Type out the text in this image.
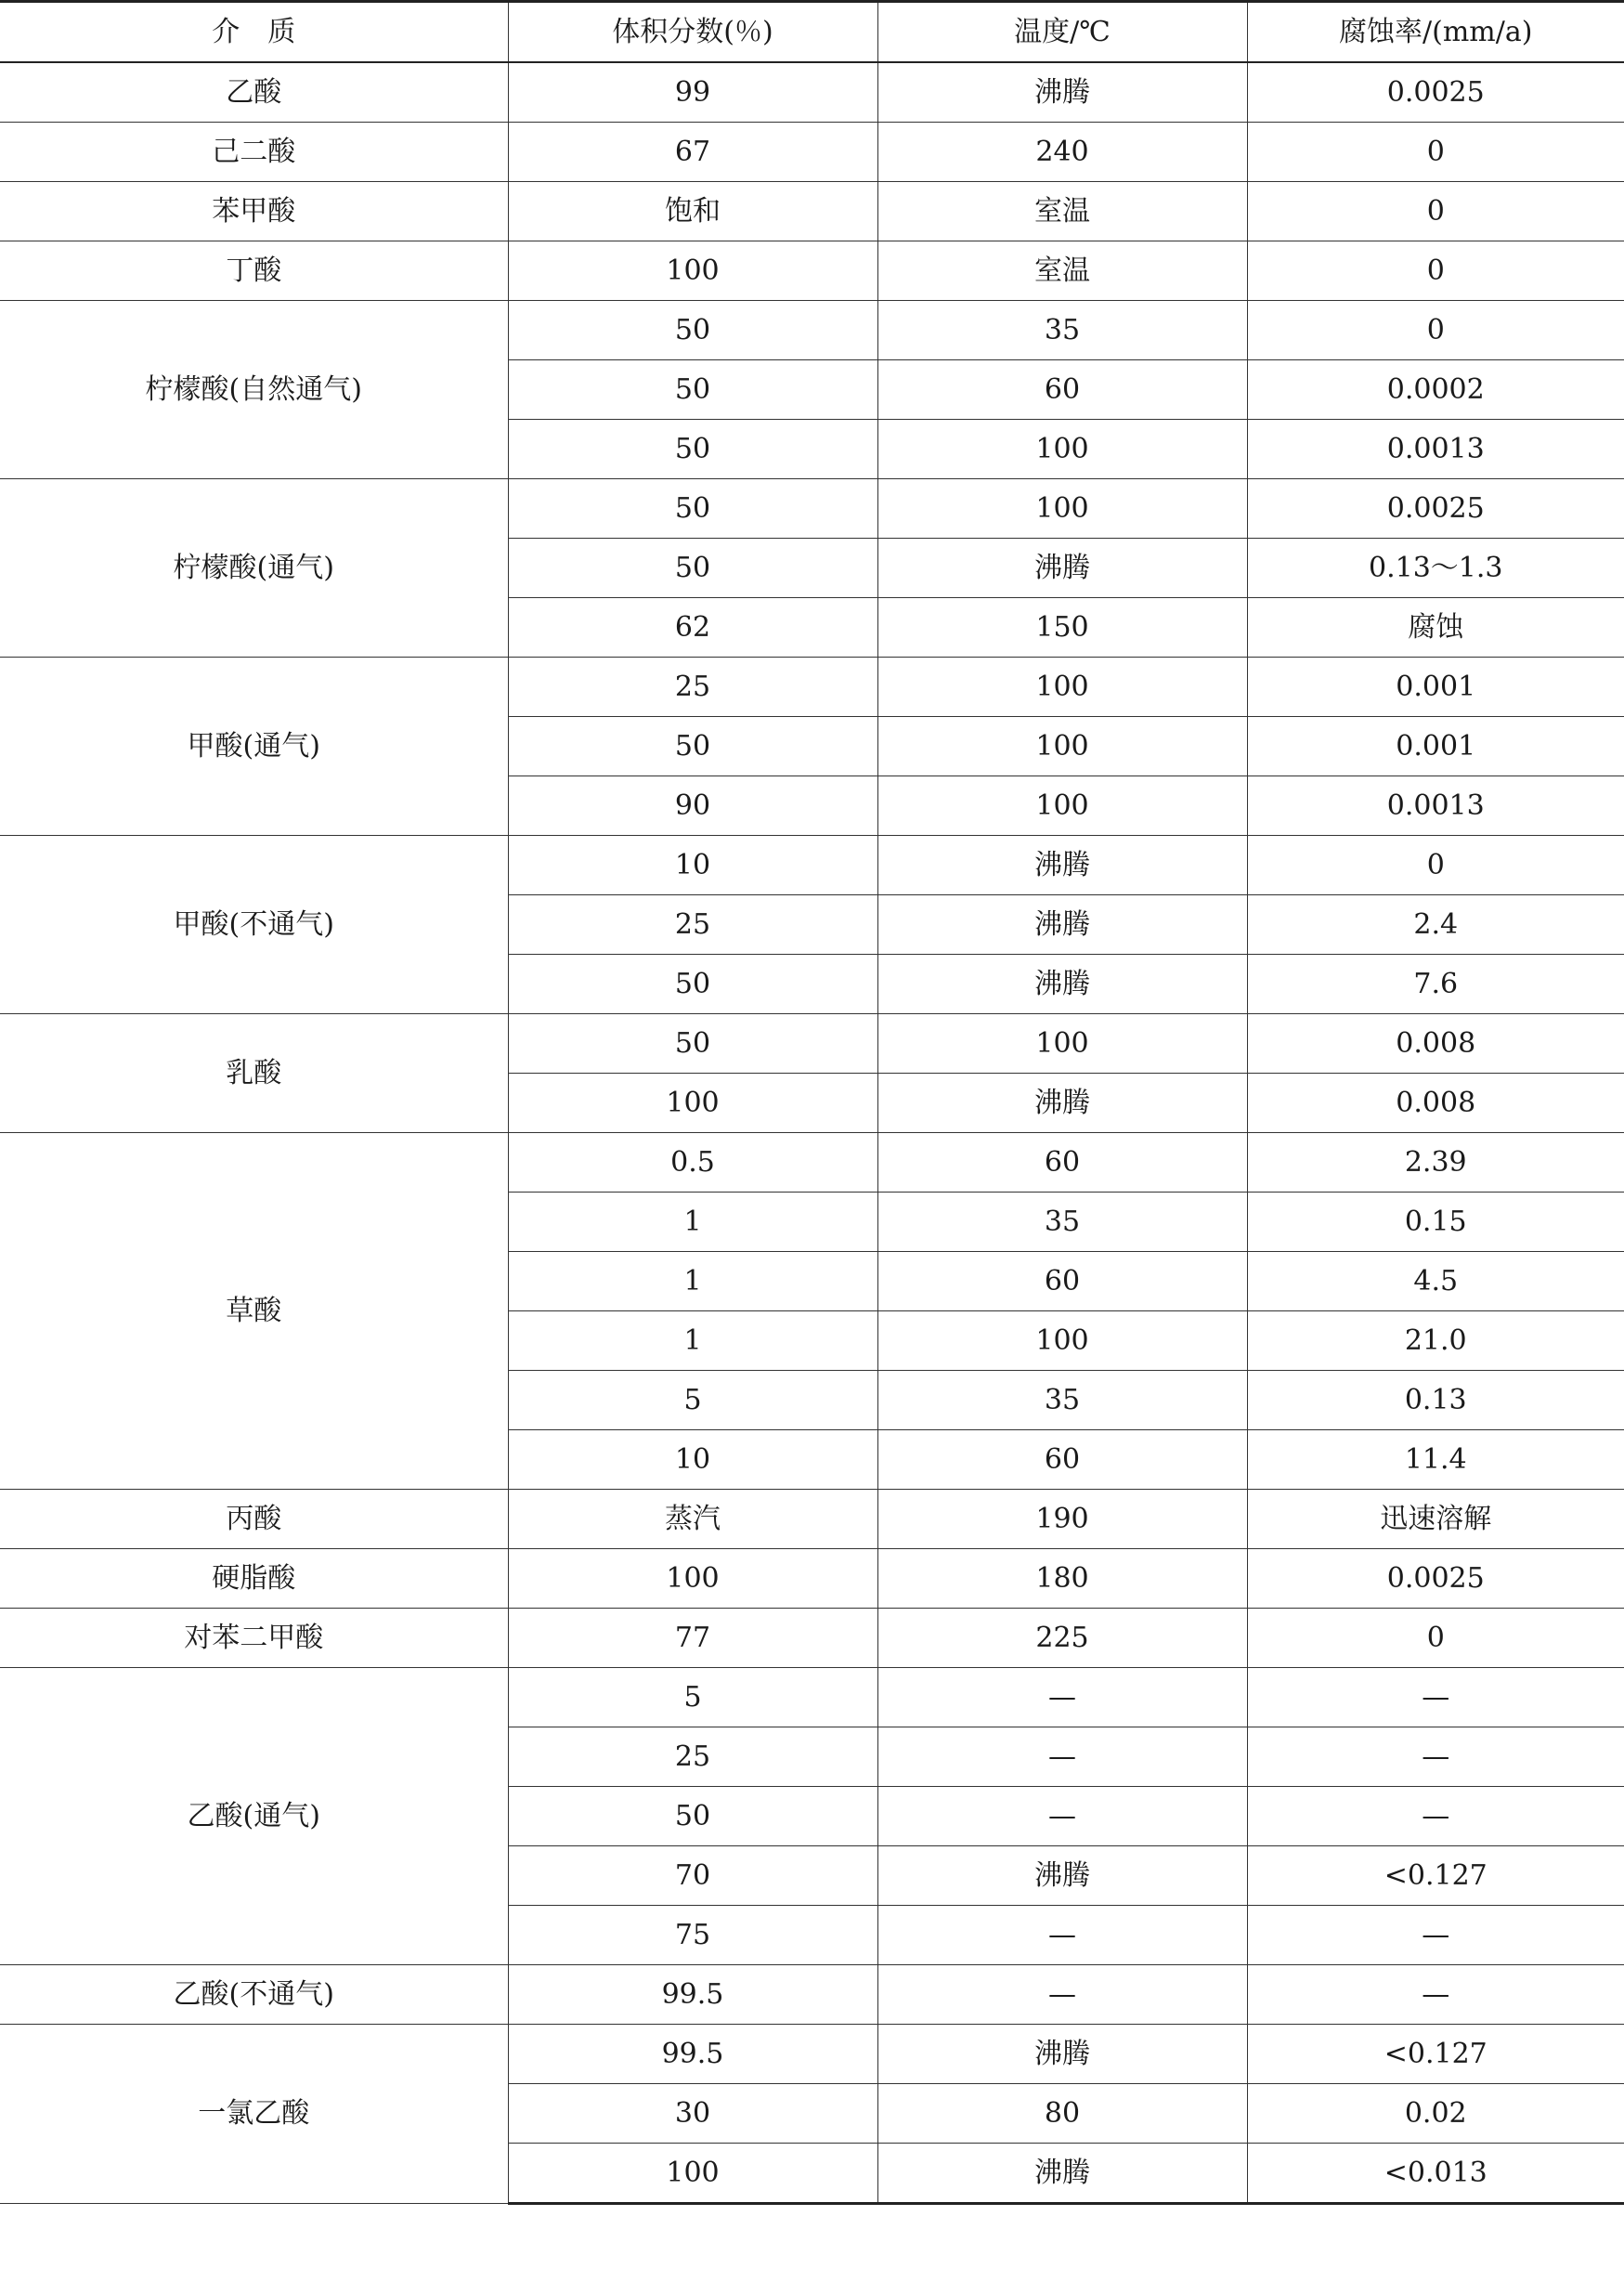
介　质	体积分数(％)	温度/℃	腐蚀率/(mm/a)
乙酸	99	沸腾	0.0025
己二酸	67	240	0
苯甲酸	饱和	室温	0
丁酸	100	室温	0
柠檬酸(自然通气)	50	35	0
	50	60	0.0002
	50	100	0.0013
柠檬酸(通气)	50	100	0.0025
	50	沸腾	0.13～1.3
	62	150	腐蚀
甲酸(通气)	25	100	0.001
	50	100	0.001
	90	100	0.0013
甲酸(不通气)	10	沸腾	0
	25	沸腾	2.4
	50	沸腾	7.6
乳酸	50	100	0.008
	100	沸腾	0.008
草酸	0.5	60	2.39
	1	35	0.15
	1	60	4.5
	1	100	21.0
	5	35	0.13
	10	60	11.4
丙酸	蒸汽	190	迅速溶解
硬脂酸	100	180	0.0025
对苯二甲酸	77	225	0
乙酸(通气)	5	—	—
	25	—	—
	50	—	—
	70	沸腾	<0.127
	75	—	—
乙酸(不通气)	99.5	—	—
一氯乙酸	99.5	沸腾	<0.127
	30	80	0.02
	100	沸腾	<0.013
